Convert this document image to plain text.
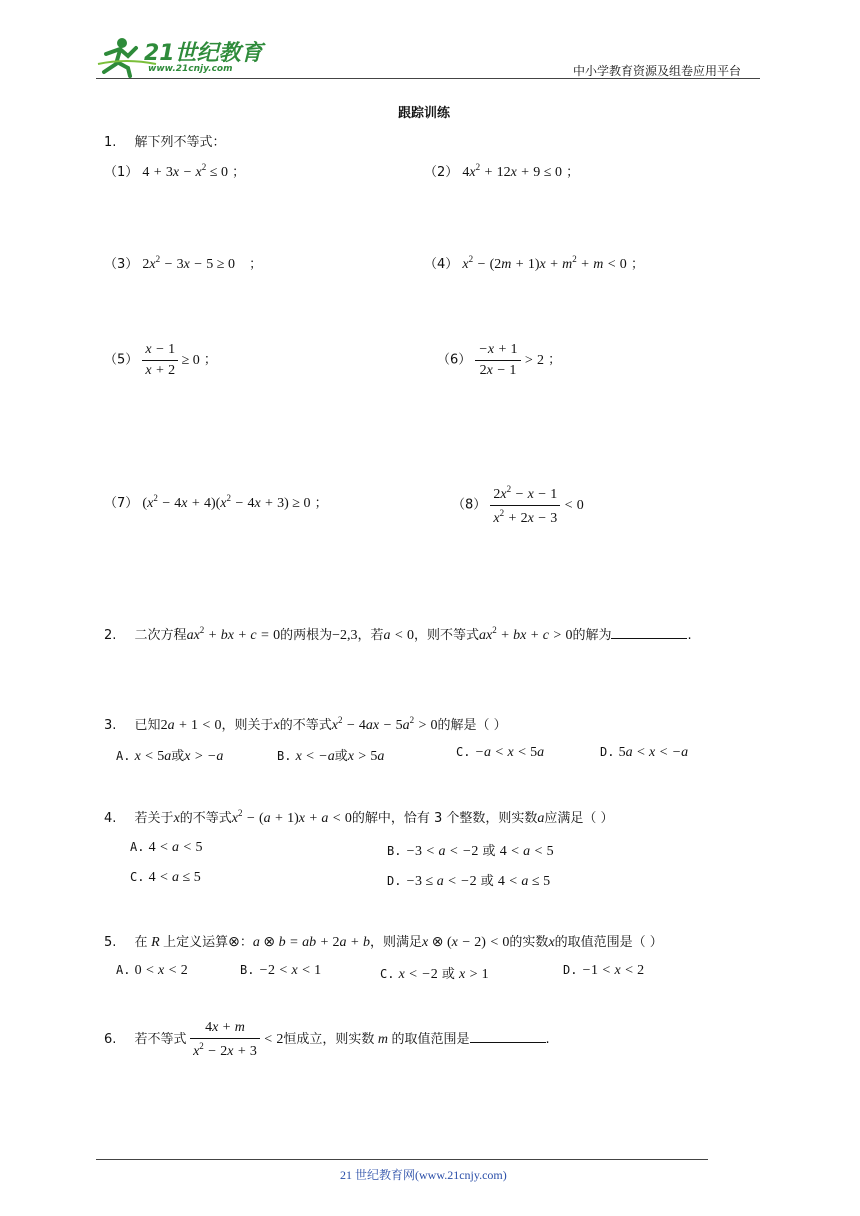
21世纪教育
www.21cnjy.com	中小学教育资源及组卷应用平台
跟踪训练
1. 解下列不等式：
（1） $4 + 3x - x^2 \le 0$ ；	（2） $4x^2 + 12x + 9 \le 0$ ；
（3） $2x^2 - 3x - 5 \ge 0$ ；	（4） $x^2 - (2m + 1)x + m^2 + m < 0$ ；
$(5) \frac{x - 1}{x + 2} \ge 0$ ；	$(6) \frac{-x + 1}{2x - 1} > 2$ ；
（7） $(x^2 - 4x + 4)(x^2 - 4x + 3) \ge 0$ ；	$(8) \frac{2x^2 - x - 1}{x^2 + 2x - 3} < 0$
2. 二次方程$ax^2$ + bx + c = 0的两根为−2,3，若a < 0，则不等式$ax^2$ + bx + c > 0的解为	.
3. 已知2a + 1 < 0，则关于x的不等式$x^2 - 4ax - 5a^2 > 0$的解是（ ）
A. x < 5a或x > −a	B. x < −a或x > 5a	C. −a < x < 5a	D. 5a < x < −a
4. 若关于x的不等式$x^2 - (a + 1)x + a < 0$的解中，恰有 3 个整数，则实数a应满足（ ）
A. 4 < a < 5	B. −3 < a < −2 或 4 < a < 5
C. 4 < a ≤ 5	D. −3 ≤ a < −2 或 4 < a ≤ 5
5. 在 R 上定义运算⊗：a ⊗ b = ab + 2a + b，则满足x ⊗ (x − 2) < 0的实数x的取值范围是（ ）
A. 0 < x < 2	B. −2 < x < 1	C. x < −2 或 x > 1	D. −1 < x < 2
6. 若不等式 $\frac{4x + m}{x^2 - 2x + 3} < 2$恒成立，则实数 m 的取值范围是	.
21 世纪教育网(www.21cnjy.com)
